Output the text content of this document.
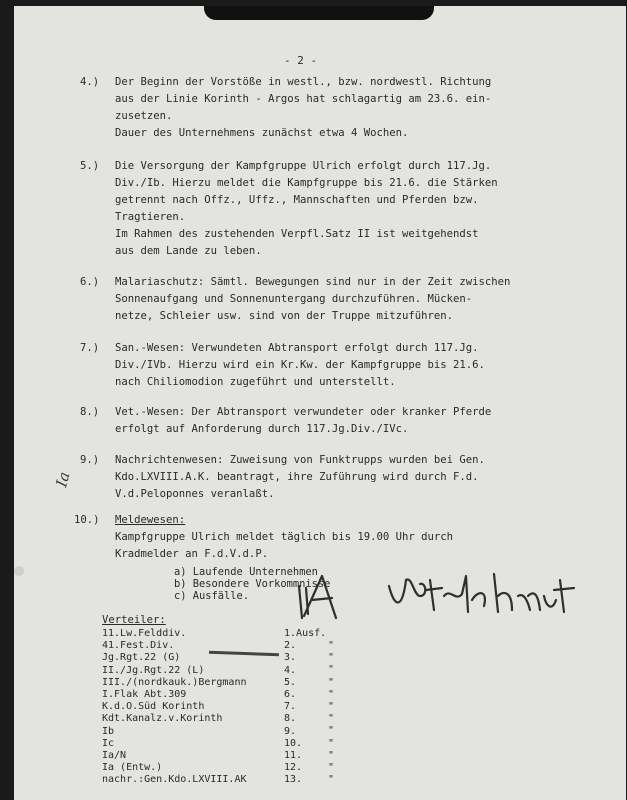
- 2 -
4.) Der Beginn der Vorstöße in westl., bzw. nordwestl. Richtung
aus der Linie Korinth - Argos hat schlagartig am 23.6. ein-
zusetzen.
Dauer des Unternehmens zunächst etwa 4 Wochen.
5.) Die Versorgung der Kampfgruppe Ulrich erfolgt durch 117.Jg.
Div./Ib. Hierzu meldet die Kampfgruppe bis 21.6. die Stärken
getrennt nach Offz., Uffz., Mannschaften und Pferden bzw.
Tragtieren.
Im Rahmen des zustehenden Verpfl.Satz II ist weitgehendst
aus dem Lande zu leben.
6.) Malariaschutz: Sämtl. Bewegungen sind nur in der Zeit zwischen
Sonnenaufgang und Sonnenuntergang durchzuführen. Mücken-
netze, Schleier usw. sind von der Truppe mitzuführen.
7.) San.-Wesen: Verwundeten Abtransport erfolgt durch 117.Jg.
Div./IVb. Hierzu wird ein Kr.Kw. der Kampfgruppe bis 21.6.
nach Chiliomodion zugeführt und unterstellt.
8.) Vet.-Wesen: Der Abtransport verwundeter oder kranker Pferde
erfolgt auf Anforderung durch 117.Jg.Div./IVc.
9.) Nachrichtenwesen: Zuweisung von Funktrupps wurden bei Gen.
Kdo.LXVIII.A.K. beantragt, ihre Zuführung wird durch F.d.
V.d.Peloponnes veranlaßt.
Ia
10.) Meldewesen:
Kampfgruppe Ulrich meldet täglich bis 19.00 Uhr durch
Kradmelder an F.d.V.d.P.
a) Laufende Unternehmen
b) Besondere Vorkommnisse
c) Ausfälle.
Verteiler:
11.Lw.Felddiv.
41.Fest.Div.
Jg.Rgt.22 (G)
II./Jg.Rgt.22 (L)
III./(nordkauk.)Bergmann
I.Flak Abt.309
K.d.O.Süd Korinth
Kdt.Kanalz.v.Korinth
Ib
Ic
Ia/N
Ia (Entw.)
nachr.:Gen.Kdo.LXVIII.AK
1.Ausf.
2.
3.
4.
5.
6.
7.
8.
9.
10.
11.
12.
13.
"
"
"
"
"
"
"
"
"
"
"
"
